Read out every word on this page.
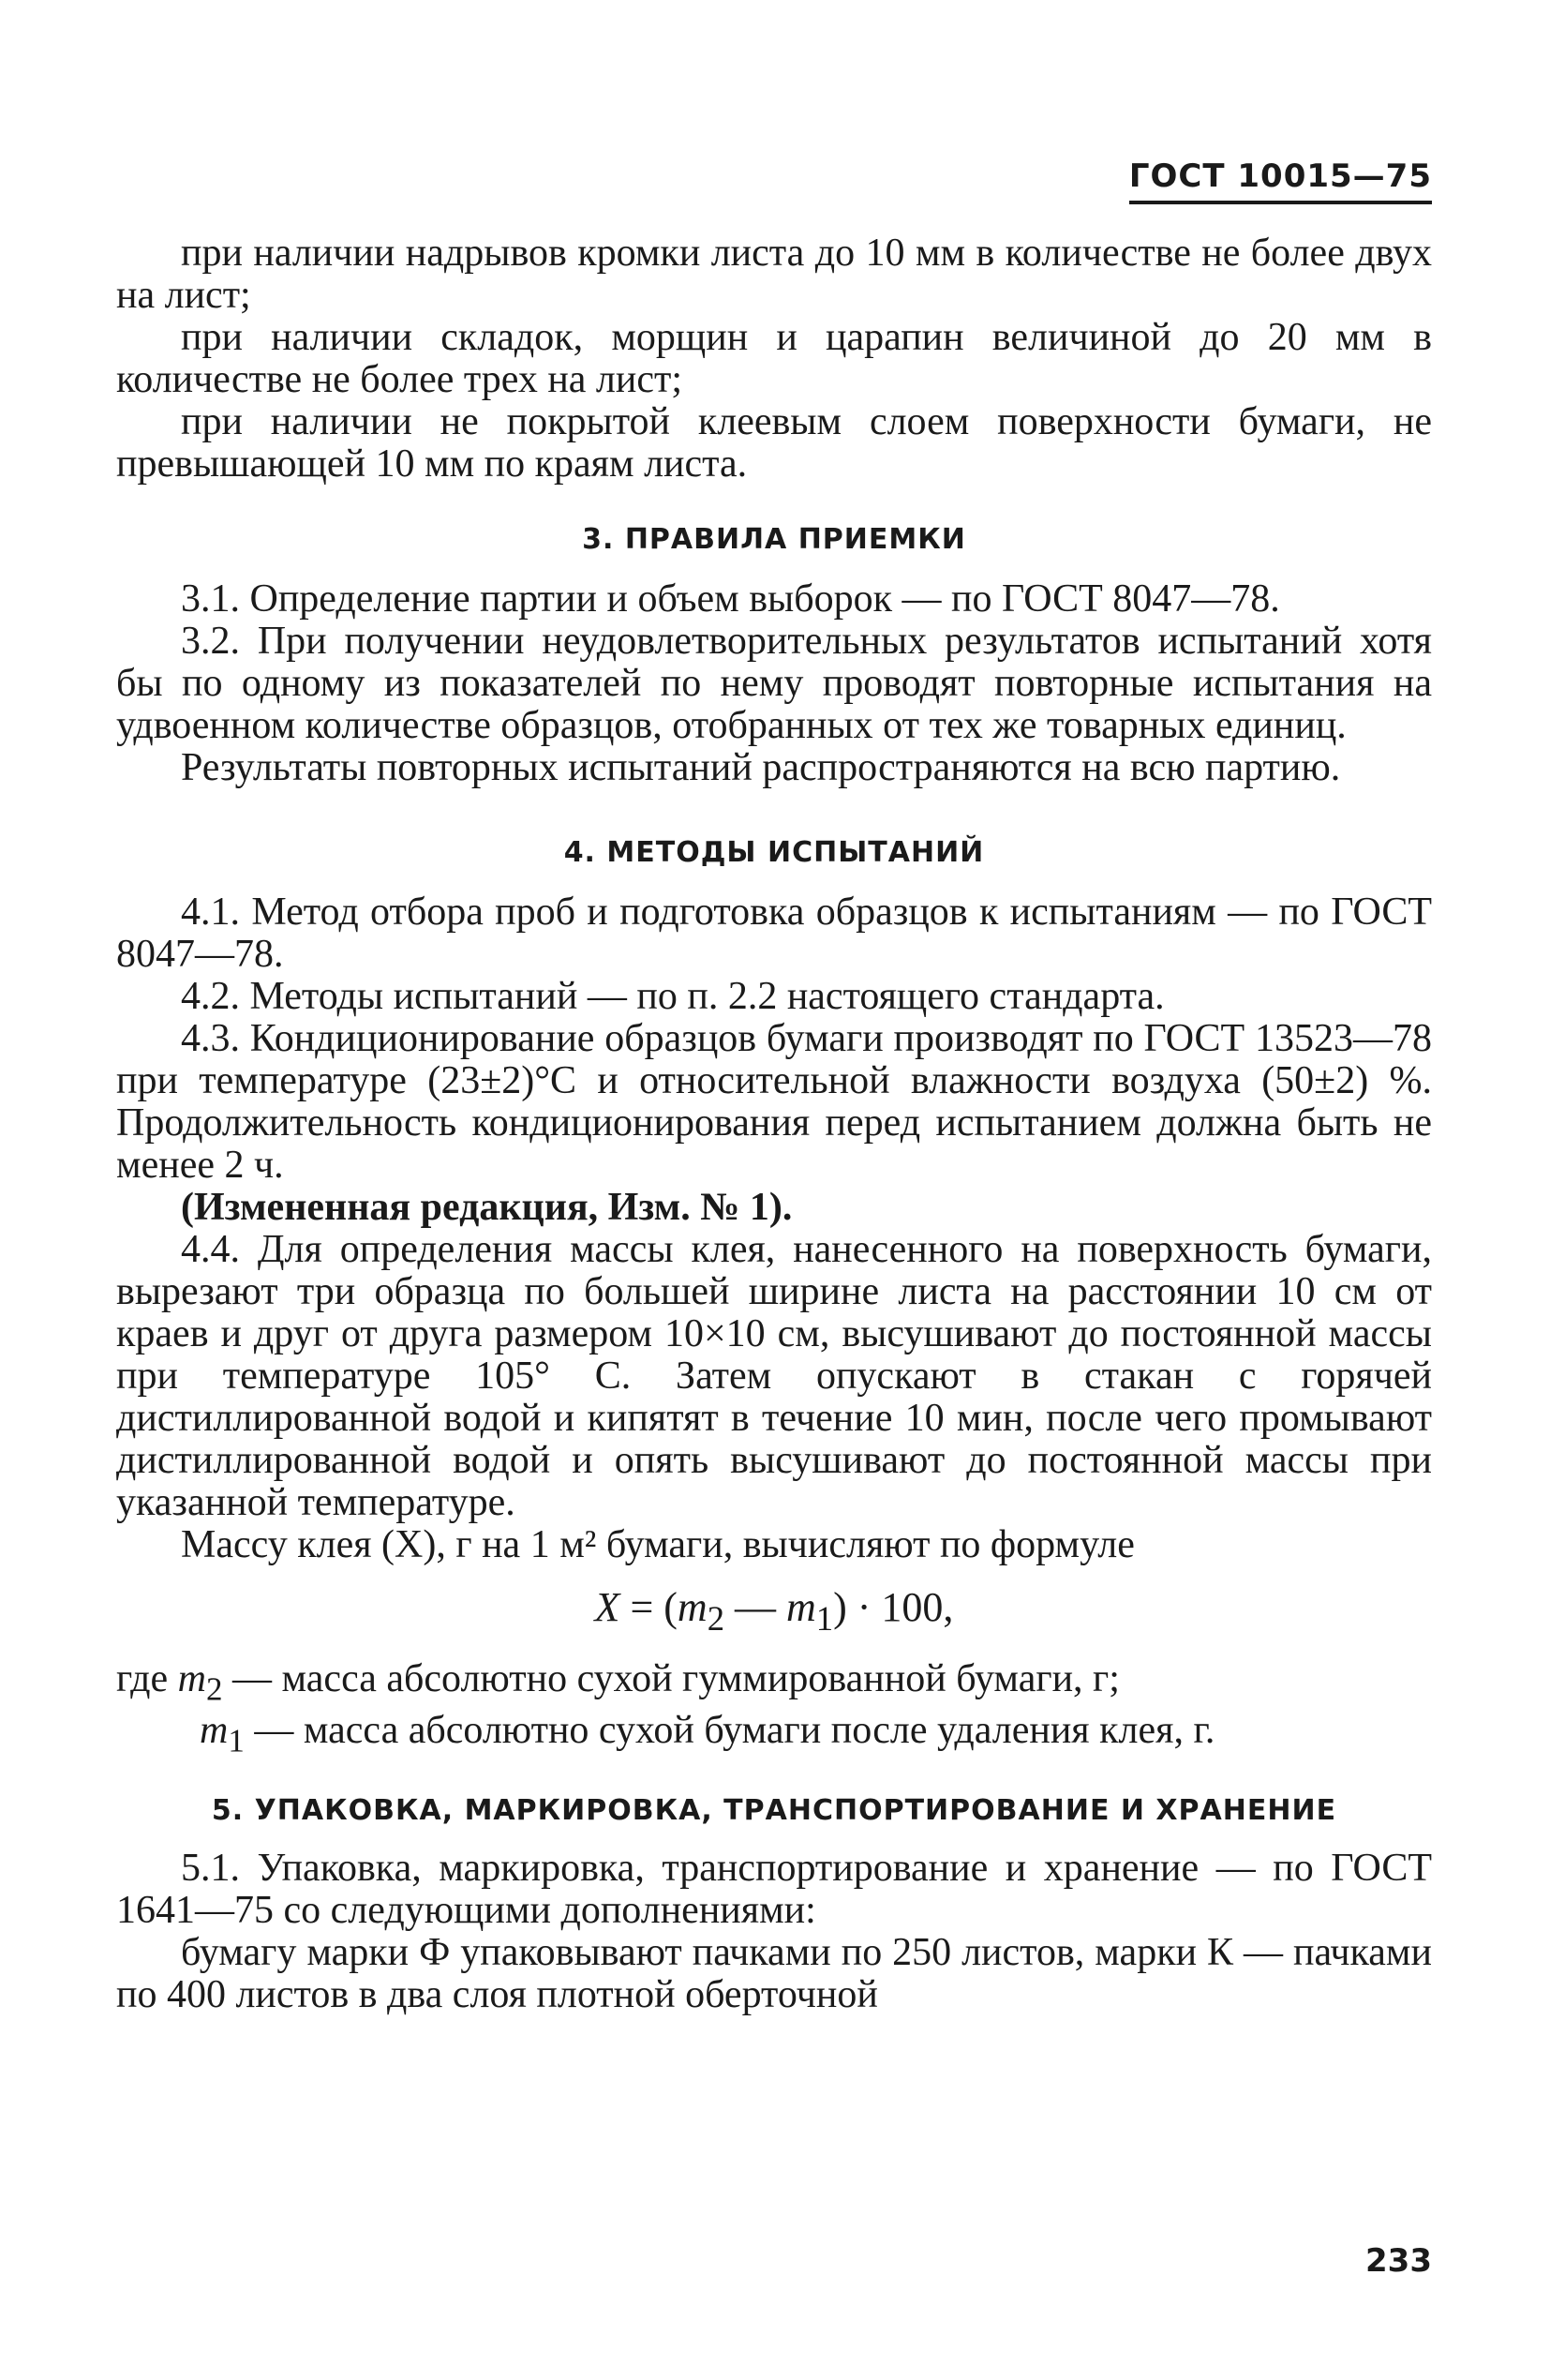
ГОСТ 10015—75

при наличии надрывов кромки листа до 10 мм в количестве не более двух на лист;

при наличии складок, морщин и царапин величиной до 20 мм в количестве не более трех на лист;

при наличии не покрытой клеевым слоем поверхности бумаги, не превышающей 10 мм по краям листа.

3. ПРАВИЛА ПРИЕМКИ

3.1. Определение партии и объем выборок — по ГОСТ 8047—78.

3.2. При получении неудовлетворительных результатов испытаний хотя бы по одному из показателей по нему проводят повторные испытания на удвоенном количестве образцов, отобранных от тех же товарных единиц.

Результаты повторных испытаний распространяются на всю партию.

4. МЕТОДЫ ИСПЫТАНИЙ

4.1. Метод отбора проб и подготовка образцов к испытаниям — по ГОСТ 8047—78.

4.2. Методы испытаний — по п. 2.2 настоящего стандарта.

4.3. Кондиционирование образцов бумаги производят по ГОСТ 13523—78 при температуре (23±2)°С и относительной влажности воздуха (50±2) %. Продолжительность кондиционирования перед испытанием должна быть не менее 2 ч.

(Измененная редакция, Изм. № 1).

4.4. Для определения массы клея, нанесенного на поверхность бумаги, вырезают три образца по большей ширине листа на расстоянии 10 см от краев и друг от друга размером 10×10 см, высушивают до постоянной массы при температуре 105° С. Затем опускают в стакан с горячей дистиллированной водой и кипятят в течение 10 мин, после чего промывают дистиллированной водой и опять высушивают до постоянной массы при указанной температуре.

Массу клея (X), г на 1 м² бумаги, вычисляют по формуле

$X = (m_2$ — $m_1) \cdot 100$,
где $m_2$ — масса абсолютно сухой гуммированной бумаги, г;
$m_1$ — масса абсолютно сухой бумаги после удаления клея, г.
5. УПАКОВКА, МАРКИРОВКА, ТРАНСПОРТИРОВАНИЕ И ХРАНЕНИЕ

5.1. Упаковка, маркировка, транспортирование и хранение — по ГОСТ 1641—75 со следующими дополнениями:

бумагу марки Ф упаковывают пачками по 250 листов, марки К — пачками по 400 листов в два слоя плотной оберточной

233
